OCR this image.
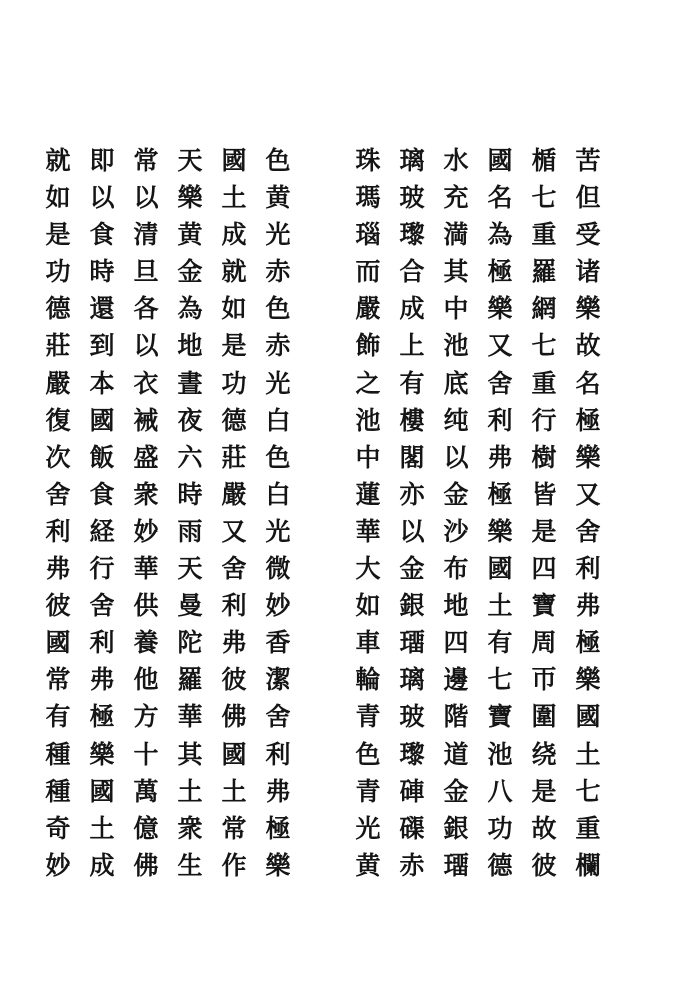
苦
但
受
诸
樂
故
名
極
樂
又
舍
利
弗
極
樂
國
土
七
重
欄
楯
七
重
羅
網
七
重
行
樹
皆
是
四
寶
周
帀
圍
绕
是
故
彼
國
名
為
極
樂
又
舍
利
弗
極
樂
國
土
有
七
寶
池
八
功
德
水
充
満
其
中
池
底
纯
以
金
沙
布
地
四
邊
階
道
金
銀
璢
璃
玻
瓈
合
成
上
有
樓
閣
亦
以
金
銀
璢
璃
玻
瓈
硨
磲
赤
珠
瑪
瑙
而
嚴
飾
之
池
中
蓮
華
大
如
車
輪
青
色
青
光
黄
色
黄
光
赤
色
赤
光
白
色
白
光
微
妙
香
潔
舍
利
弗
極
樂
國
土
成
就
如
是
功
德
莊
嚴
又
舍
利
弗
彼
佛
國
土
常
作
天
樂
黄
金
為
地
晝
夜
六
時
雨
天
曼
陀
羅
華
其
土
衆
生
常
以
清
旦
各
以
衣
裓
盛
衆
妙
華
供
養
他
方
十
萬
億
佛
即
以
食
時
還
到
本
國
飯
食
経
行
舍
利
弗
極
樂
國
土
成
就
如
是
功
德
莊
嚴
復
次
舍
利
弗
彼
國
常
有
種
種
奇
妙
